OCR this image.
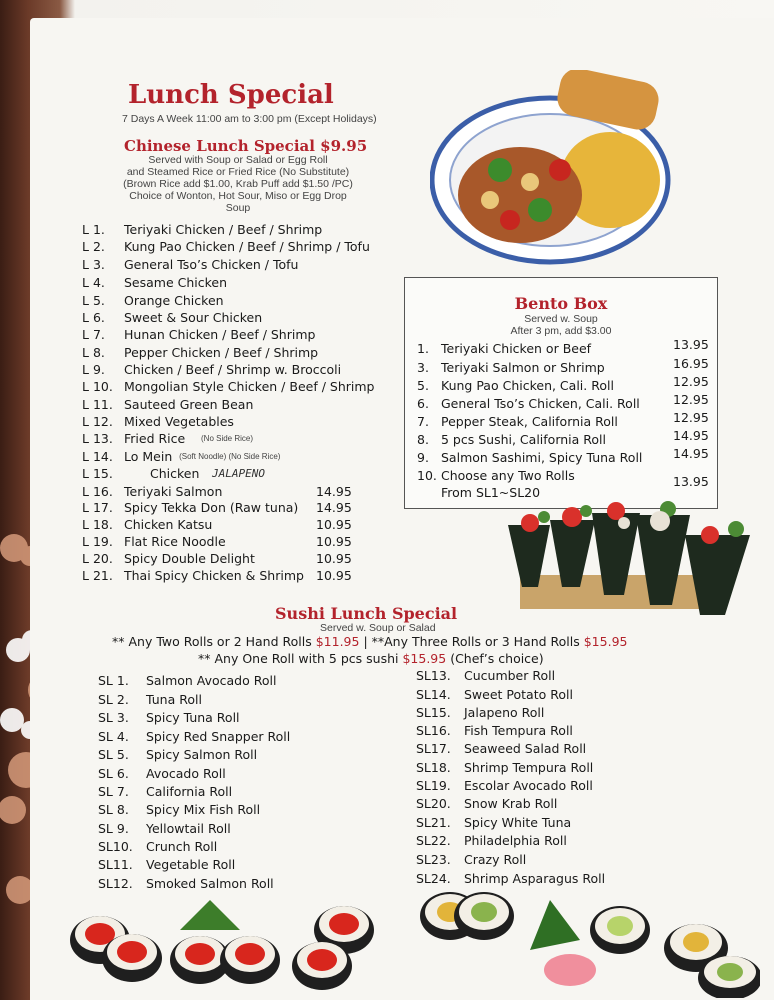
Lunch Special
7 Days A Week 11:00 am to 3:00 pm (Except Holidays)
Chinese Lunch Special $9.95
Served with Soup or Salad or Egg Roll
and Steamed Rice or Fried Rice (No Substitute)
(Brown Rice add $1.00, Krab Puff add $1.50 /PC)
Choice of Wonton, Hot Sour, Miso or Egg Drop Soup
Bento Box
Served w. Soup
After 3 pm, add $3.00
1. Teriyaki Chicken or Beef	13.95
3. Teriyaki Salmon or Shrimp	16.95
5. Kung Pao Chicken, Cali. Roll	12.95
6. General Tso’s Chicken, Cali. Roll	12.95
7. Pepper Steak, California Roll	12.95
8. 5 pcs Sushi, California Roll	14.95
9. Salmon Sashimi, Spicy Tuna Roll 14.95
10. Choose any Two Rolls
From SL1~SL20
13.95
Sushi Lunch Special
Served w. Soup or Salad
** Any Two Rolls or 2 Hand Rolls $11.95 | **Any Three Rolls or 3 Hand Rolls $15.95
** Any One Roll with 5 pcs sushi $15.95 (Chef’s choice)
L 1. Teriyaki Chicken / Beef / Shrimp
L 2. Kung Pao Chicken / Beef / Shrimp / Tofu
L 3. General Tso’s Chicken / Tofu
L 4. Sesame Chicken
L 5. Orange Chicken
L 6. Sweet & Sour Chicken
L 7. Hunan Chicken / Beef / Shrimp
L 8. Pepper Chicken / Beef / Shrimp
L 9. Chicken / Beef / Shrimp w. Broccoli
L 10. Mongolian Style Chicken / Beef / Shrimp
L 11. Sauteed Green Bean
L 12. Mixed Vegetables
L 13. Fried Rice (No Side Rice)
L 14. Lo Mein (Soft Noodle) (No Side Rice)
L 15.	Chicken JALAPENO
L 16. Teriyaki Salmon	14.95
L 17. Spicy Tekka Don (Raw tuna) 14.95
L 18. Chicken Katsu	10.95
L 19. Flat Rice Noodle	10.95
L 20. Spicy Double Delight	10.95
L 21. Thai Spicy Chicken & Shrimp 10.95
SL 1. Salmon Avocado Roll
SL 2. Tuna Roll
SL 3. Spicy Tuna Roll
SL 4. Spicy Red Snapper Roll
SL 5. Spicy Salmon Roll
SL 6. Avocado Roll
SL 7. California Roll
SL 8. Spicy Mix Fish Roll
SL 9. Yellowtail Roll
SL10. Crunch Roll
SL11. Vegetable Roll
SL12. Smoked Salmon Roll
SL13. Cucumber Roll
SL14. Sweet Potato Roll
SL15. Jalapeno Roll
SL16. Fish Tempura Roll
SL17. Seaweed Salad Roll
SL18. Shrimp Tempura Roll
SL19. Escolar Avocado Roll
SL20. Snow Krab Roll
SL21. Spicy White Tuna
SL22. Philadelphia Roll
SL23. Crazy Roll
SL24. Shrimp Asparagus Roll
